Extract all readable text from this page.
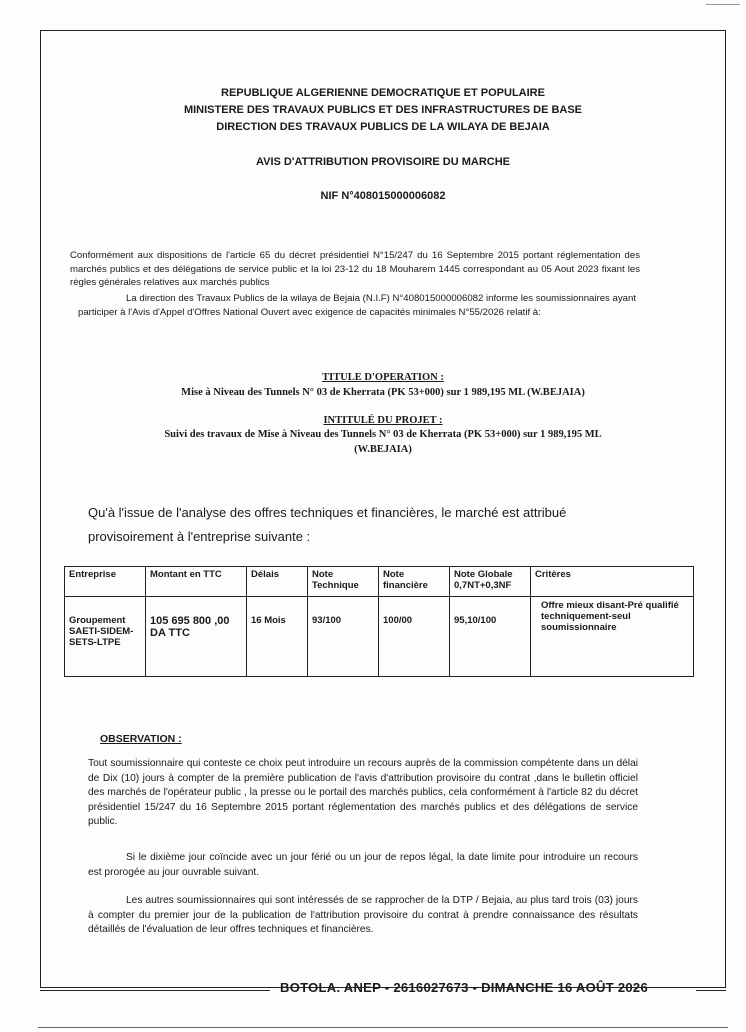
REPUBLIQUE ALGERIENNE DEMOCRATIQUE ET POPULAIRE
MINISTERE DES TRAVAUX PUBLICS ET DES INFRASTRUCTURES DE BASE
DIRECTION DES TRAVAUX PUBLICS DE LA WILAYA DE BEJAIA
AVIS D'ATTRIBUTION PROVISOIRE DU MARCHE
NIF N°408015000006082
Conformément aux dispositions de l'article 65 du décret présidentiel N°15/247 du 16 Septembre 2015 portant réglementation des marchés publics et des délégations de service public et la loi 23-12 du 18 Mouharem 1445 correspondant au 05 Aout 2023 fixant les règles générales relatives aux marchés publics
La direction des Travaux Publics de la wilaya de Bejaia (N.I.F) N°408015000006082 informe les soumissionnaires ayant participer à l'Avis d'Appel d'Offres National Ouvert avec exigence de capacités minimales N°55/2026 relatif à:
TITULE D'OPERATION :
Mise à Niveau des Tunnels N° 03 de Kherrata (PK 53+000) sur 1 989,195 ML (W.BEJAIA)
INTITULÉ DU PROJET :
Suivi des travaux de Mise à Niveau des Tunnels N° 03 de Kherrata (PK 53+000) sur 1 989,195 ML
(W.BEJAIA)
Qu'à l'issue de l'analyse des offres techniques et financières, le marché est attribué
provisoirement à l'entreprise suivante :
Entreprise	Montant en TTC	Délais	Note Technique	Note financière	Note Globale 0,7NT+0,3NF	Critères
Groupement SAETI-SIDEM-SETS-LTPE	105 695 800 ,00 DA TTC	16 Mois	93/100	100/00	95,10/100	Offre mieux disant-Pré qualifié techniquement-seul soumissionnaire
OBSERVATION :
Tout soumissionnaire qui conteste ce choix peut introduire un recours auprès de la commission compétente dans un délai de Dix (10) jours à compter de la première publication de l'avis d'attribution provisoire du contrat ,dans le bulletin officiel des marchés de l'opérateur public , la presse ou le portail des marchés publics, cela conformément à l'article 82 du décret présidentiel 15/247 du 16 Septembre 2015 portant réglementation des marchés publics et des délégations de service public.
Si le dixième jour coïncide avec un jour férié ou un jour de repos légal, la date limite pour introduire un recours est prorogée au jour ouvrable suivant.
Les autres soumissionnaires qui sont intéressés de se rapprocher de la DTP / Bejaia, au plus tard trois (03) jours à compter du premier jour de la publication de l'attribution provisoire du contrat à prendre connaissance des résultats détaillés de l'évaluation de leur offres techniques et financières.
BOTOLA. ANEP - 2616027673 - DIMANCHE 16 AOÛT 2026
